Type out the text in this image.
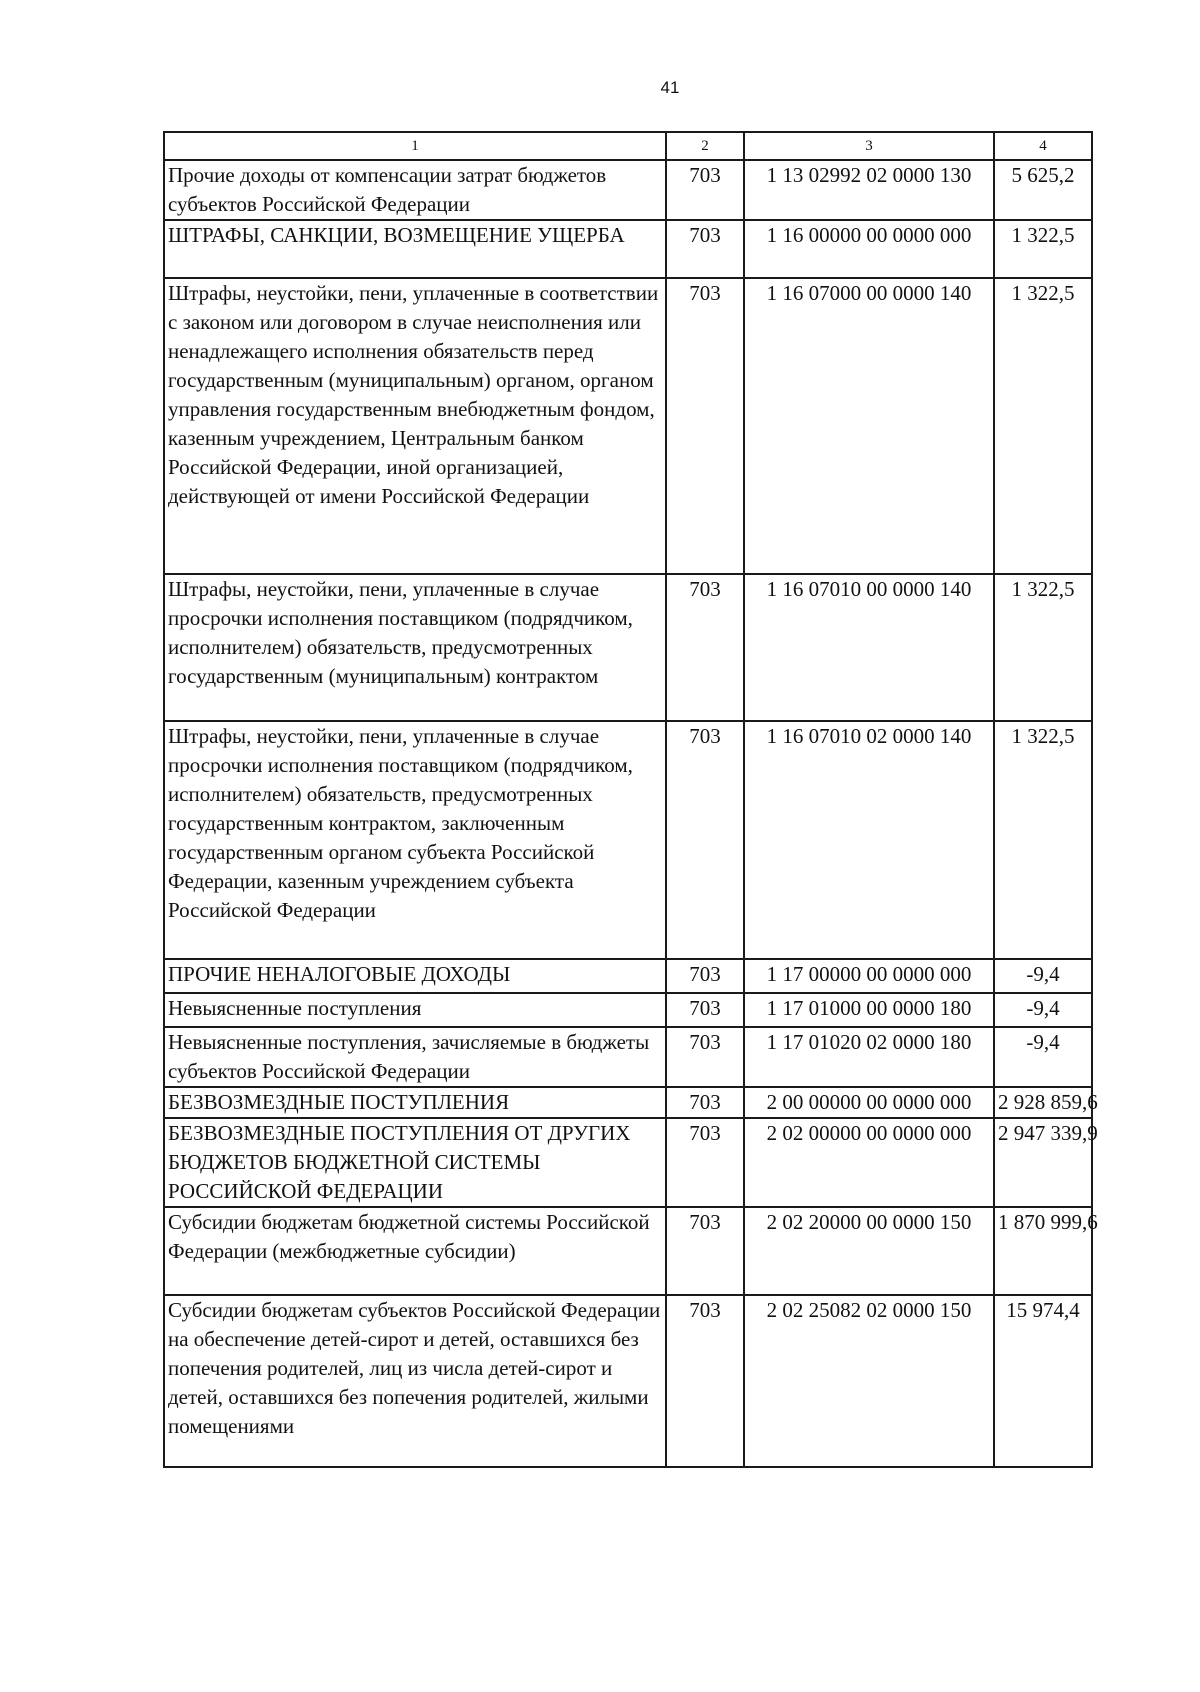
41
1	2	3	4
Прочие доходы от компенсации затрат бюджетов субъектов Российской Федерации	703	1 13 02992 02 0000 130	5 625,2
ШТРАФЫ, САНКЦИИ, ВОЗМЕЩЕНИЕ УЩЕРБА	703	1 16 00000 00 0000 000	1 322,5
Штрафы, неустойки, пени, уплаченные в соответствии с законом или договором в случае неисполнения или ненадлежащего исполнения обязательств перед государственным (муниципальным) органом, органом управления государственным внебюджетным фондом, казенным учреждением, Центральным банком Российской Федерации, иной организацией, действующей от имени Российской Федерации	703	1 16 07000 00 0000 140	1 322,5
Штрафы, неустойки, пени, уплаченные в случае просрочки исполнения поставщиком (подрядчиком, исполнителем) обязательств, предусмотренных государственным (муниципальным) контрактом	703	1 16 07010 00 0000 140	1 322,5
Штрафы, неустойки, пени, уплаченные в случае просрочки исполнения поставщиком (подрядчиком, исполнителем) обязательств, предусмотренных государственным контрактом, заключенным государственным органом субъекта Российской Федерации, казенным учреждением субъекта Российской Федерации	703	1 16 07010 02 0000 140	1 322,5
ПРОЧИЕ НЕНАЛОГОВЫЕ ДОХОДЫ	703	1 17 00000 00 0000 000	-9,4
Невыясненные поступления	703	1 17 01000 00 0000 180	-9,4
Невыясненные поступления, зачисляемые в бюджеты субъектов Российской Федерации	703	1 17 01020 02 0000 180	-9,4
БЕЗВОЗМЕЗДНЫЕ ПОСТУПЛЕНИЯ	703	2 00 00000 00 0000 000	2 928 859,6
БЕЗВОЗМЕЗДНЫЕ ПОСТУПЛЕНИЯ ОТ ДРУГИХ БЮДЖЕТОВ БЮДЖЕТНОЙ СИСТЕМЫ РОССИЙСКОЙ ФЕДЕРАЦИИ	703	2 02 00000 00 0000 000	2 947 339,9
Субсидии бюджетам бюджетной системы Российской Федерации (межбюджетные субсидии)	703	2 02 20000 00 0000 150	1 870 999,6
Субсидии бюджетам субъектов Российской Федерации на обеспечение детей-сирот и детей, оставшихся без попечения родителей, лиц из числа детей-сирот и детей, оставшихся без попечения родителей, жилыми помещениями	703	2 02 25082 02 0000 150	15 974,4
